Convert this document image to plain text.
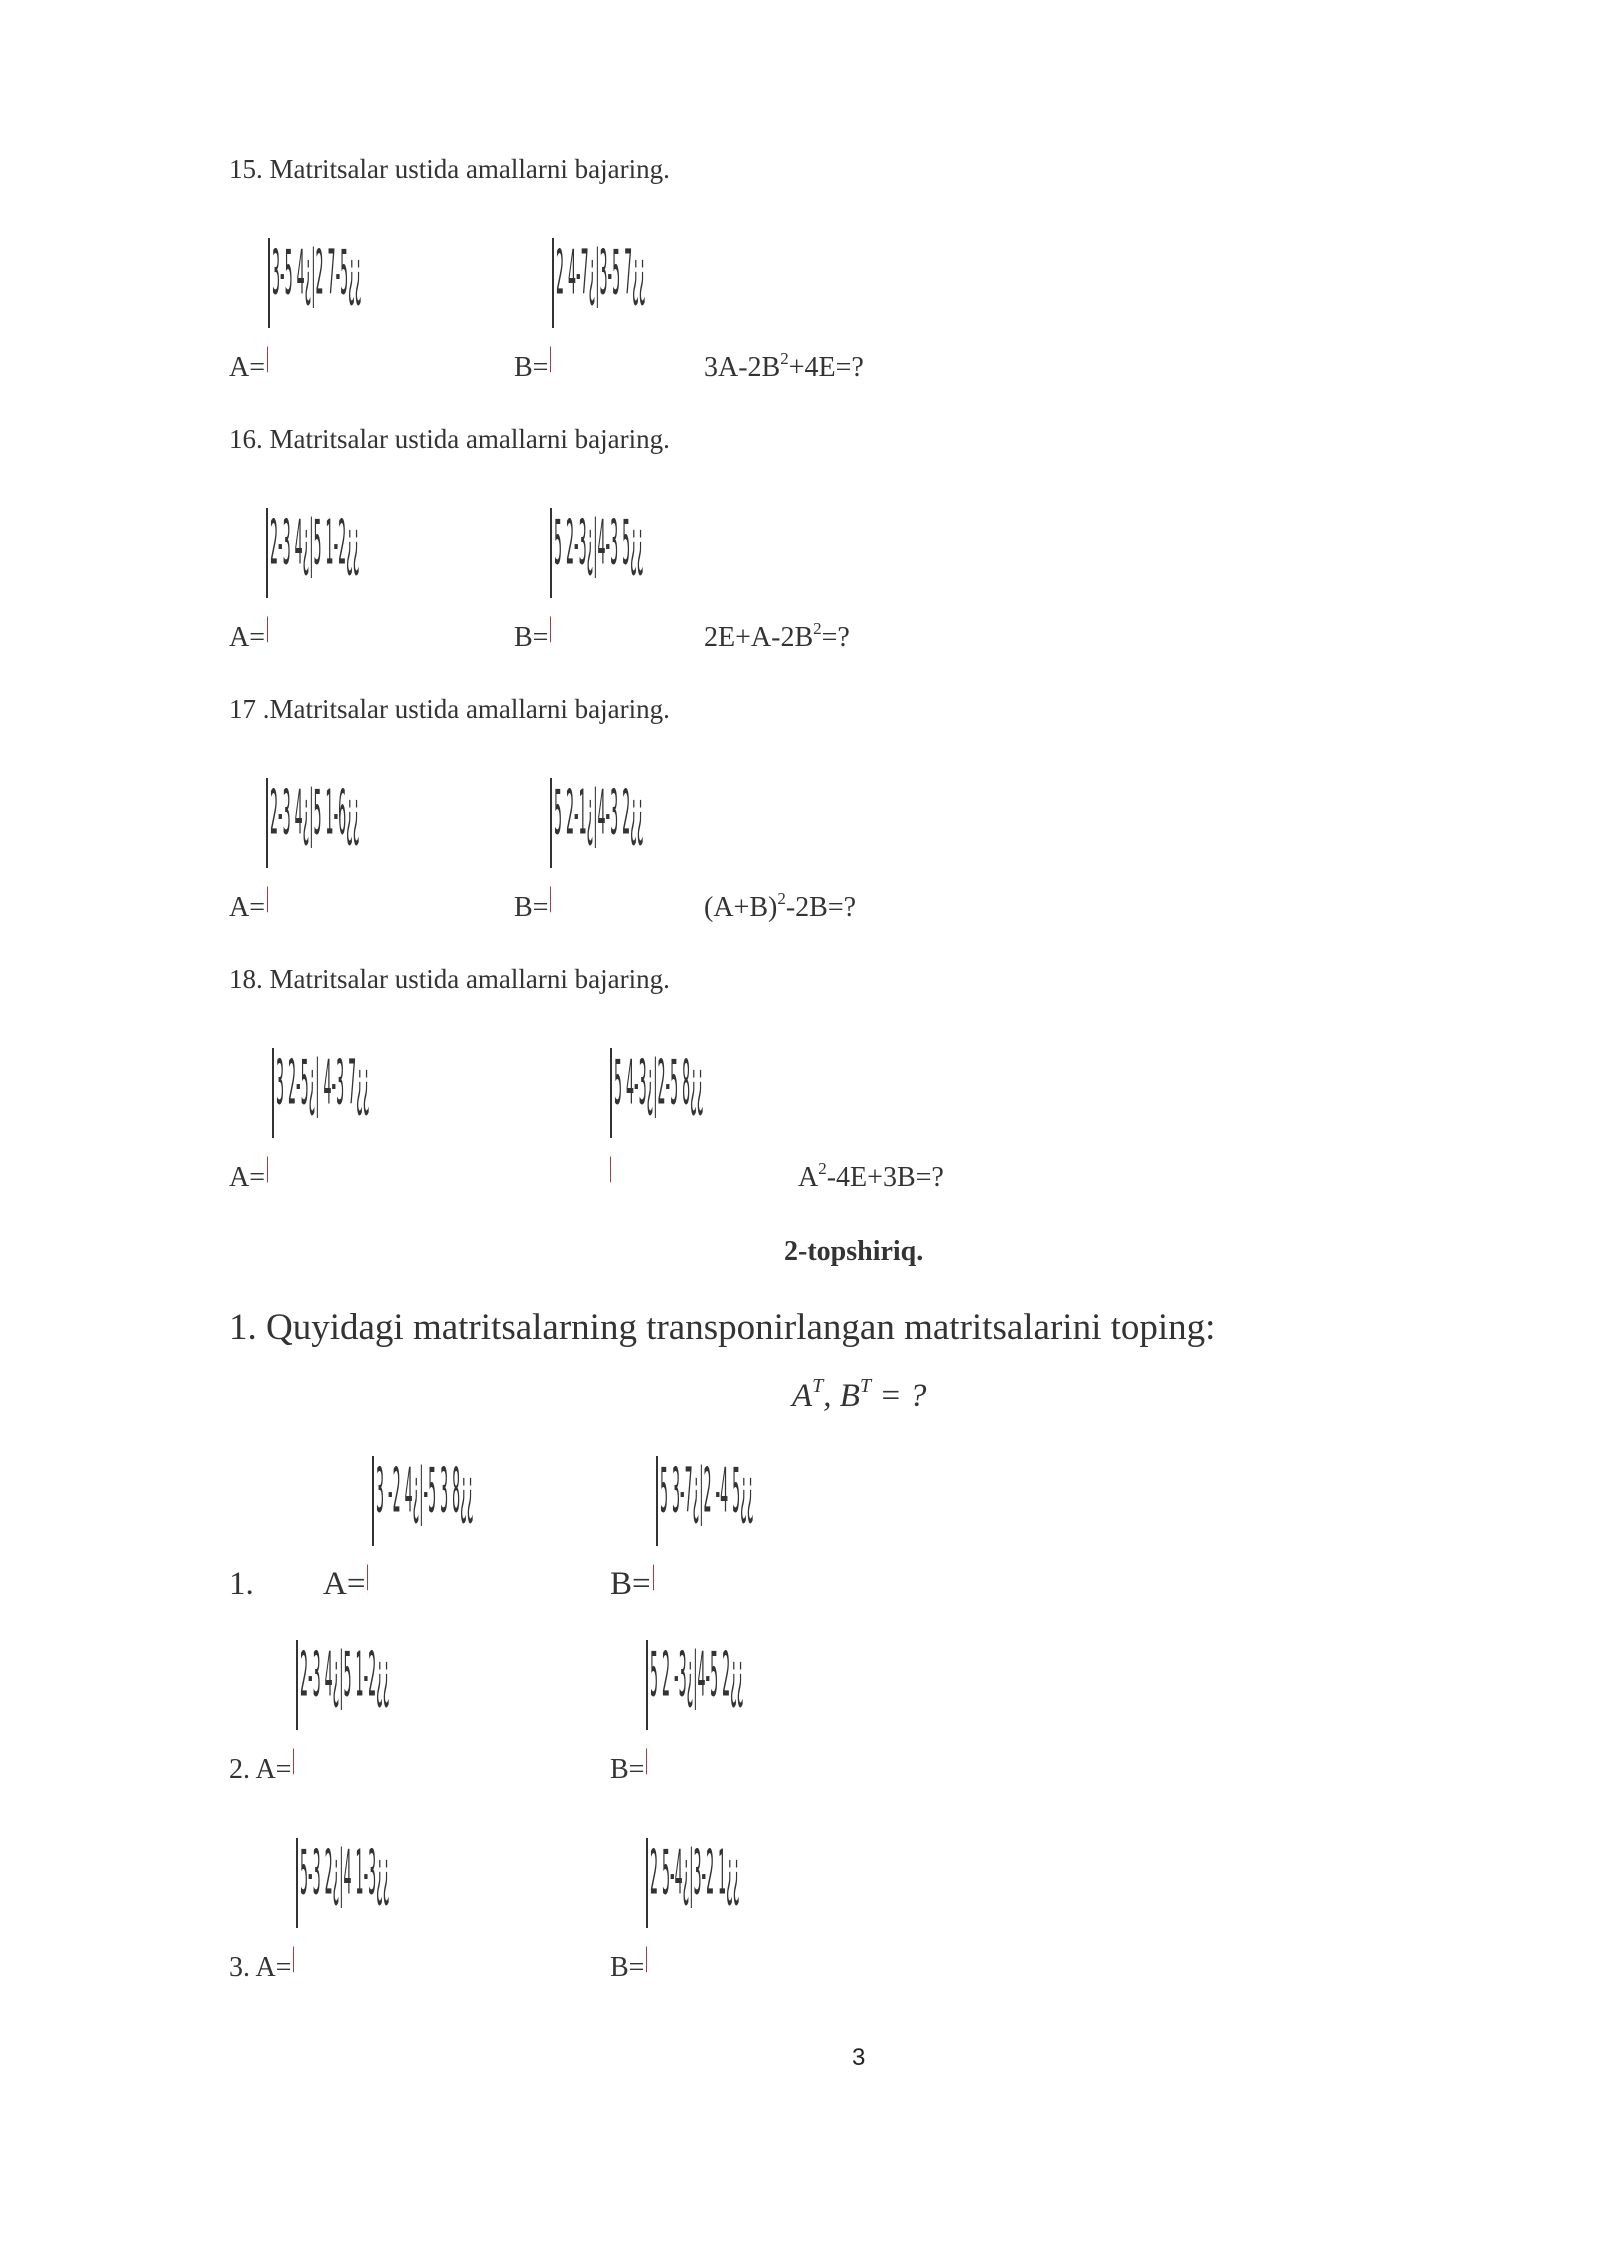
15. Matritsalar ustida amallarni bajaring.
3-5 4¿|2 7-5¿¿
A=ⅼ
2 4-7¿|3-5 7¿¿
B=ⅼ	$3A-2B^2+4E=$?
16. Matritsalar ustida amallarni bajaring.
2-3 4¿|5 1-2¿¿
A=ⅼ
5 2-3¿|4-3 5¿¿
B=ⅼ	$2E+A-2B^2=$?
17 .Matritsalar ustida amallarni bajaring.
2-3 4¿|5 1-6¿¿
A=ⅼ
5 2-1¿|4-3 2¿¿
B=ⅼ	$(A+B)^2-2B=$?
18. Matritsalar ustida amallarni bajaring.
3 2-5¿| 4-3 7¿¿
A=ⅼ
5 4-3¿|2-5 8¿¿
ⅼ	$A^2-4E+3B=$?
2-topshiriq.
1. Quyidagi matritsalarning transponirlangan matritsalarini toping:
$A^T$, $B^T$ = ?
3 -2 4¿|-5 3 8¿¿
1. A=ⅼ
5 3-7¿|2 -4 5¿¿
B=ⅼ
2-3 4¿|5 1-2¿¿
2. A=ⅼ
5 2 -3¿|4-5 2¿¿
B=ⅼ
5-3 2¿|4 1-3¿¿
3. A=ⅼ
2 5-4¿|3-2 1¿¿
B=ⅼ
3
